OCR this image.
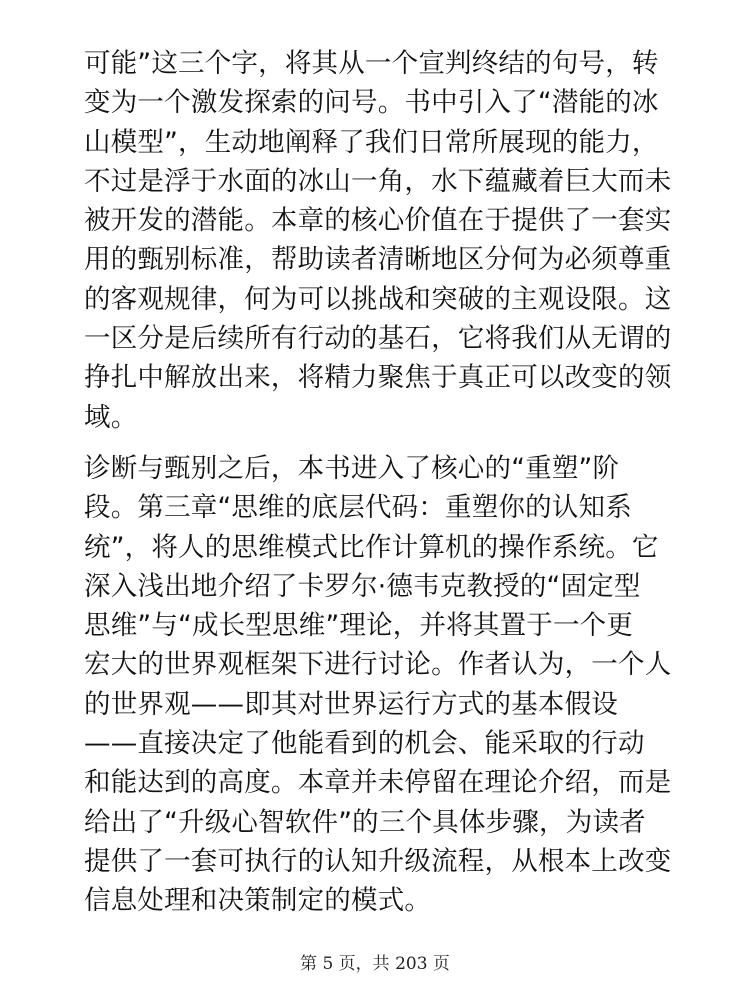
可能”这三个字，将其从一个宣判终结的句号，转
变为一个激发探索的问号。书中引入了“潜能的冰
山模型”，生动地阐释了我们日常所展现的能力，
不过是浮于水面的冰山一角，水下蕴藏着巨大而未
被开发的潜能。本章的核心价值在于提供了一套实
用的甄别标准，帮助读者清晰地区分何为必须尊重
的客观规律，何为可以挑战和突破的主观设限。这
一区分是后续所有行动的基石，它将我们从无谓的
挣扎中解放出来，将精力聚焦于真正可以改变的领
域。

诊断与甄别之后，本书进入了核心的“重塑”阶
段。第三章“思维的底层代码：重塑你的认知系
统”，将人的思维模式比作计算机的操作系统。它
深入浅出地介绍了卡罗尔·德韦克教授的“固定型
思维”与“成长型思维”理论，并将其置于一个更
宏大的世界观框架下进行讨论。作者认为，一个人
的世界观——即其对世界运行方式的基本假设
——直接决定了他能看到的机会、能采取的行动
和能达到的高度。本章并未停留在理论介绍，而是
给出了“升级心智软件”的三个具体步骤，为读者
提供了一套可执行的认知升级流程，从根本上改变
信息处理和决策制定的模式。

第 5 页，共 203 页
